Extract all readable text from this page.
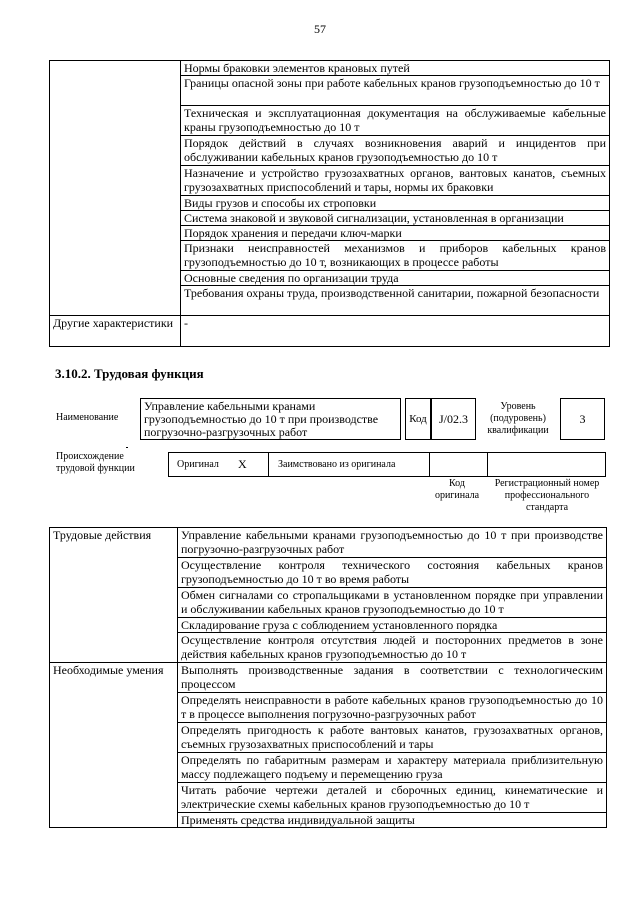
57
	Нормы браковки элементов крановых путей
	Границы опасной зоны при работе кабельных кранов грузоподъемностью до 10 т
	Техническая и эксплуатационная документация на обслуживаемые кабельные краны грузоподъемностью до 10 т
	Порядок действий в случаях возникновения аварий и инцидентов при обслуживании кабельных кранов грузоподъемностью до 10 т
	Назначение и устройство грузозахватных органов, вантовых канатов, съемных грузозахватных приспособлений и тары, нормы их браковки
	Виды грузов и способы их строповки
	Система знаковой и звуковой сигнализации, установленная в организации
	Порядок хранения и передачи ключ-марки
	Признаки неисправностей механизмов и приборов кабельных кранов грузоподъемностью до 10 т, возникающих в процессе работы
	Основные сведения по организации труда
	Требования охраны труда, производственной санитарии, пожарной безопасности
Другие характеристики	-
3.10.2. Трудовая функция
Наименование
Управление кабельными кранами грузоподъемностью до 10 т при производстве погрузочно-разгрузочных работ
Код	J/02.3
Уровень (подуровень) квалификации
3
Происхождение трудовой функции	Оригинал X	Заимствовано из оригинала
Код оригинала
Регистрационный номер профессионального стандарта
Трудовые действия	Управление кабельными кранами грузоподъемностью до 10 т при производстве погрузочно-разгрузочных работ
	Осуществление контроля технического состояния кабельных кранов грузоподъемностью до 10 т во время работы
	Обмен сигналами со стропальщиками в установленном порядке при управлении и обслуживании кабельных кранов грузоподъемностью до 10 т
	Складирование груза с соблюдением установленного порядка
	Осуществление контроля отсутствия людей и посторонних предметов в зоне действия кабельных кранов грузоподъемностью до 10 т
Необходимые умения	Выполнять производственные задания в соответствии с технологическим процессом
	Определять неисправности в работе кабельных кранов грузоподъемностью до 10 т в процессе выполнения погрузочно-разгрузочных работ
	Определять пригодность к работе вантовых канатов, грузозахватных органов, съемных грузозахватных приспособлений и тары
	Определять по габаритным размерам и характеру материала приблизительную массу подлежащего подъему и перемещению груза
	Читать рабочие чертежи деталей и сборочных единиц, кинематические и электрические схемы кабельных кранов грузоподъемностью до 10 т
	Применять средства индивидуальной защиты
